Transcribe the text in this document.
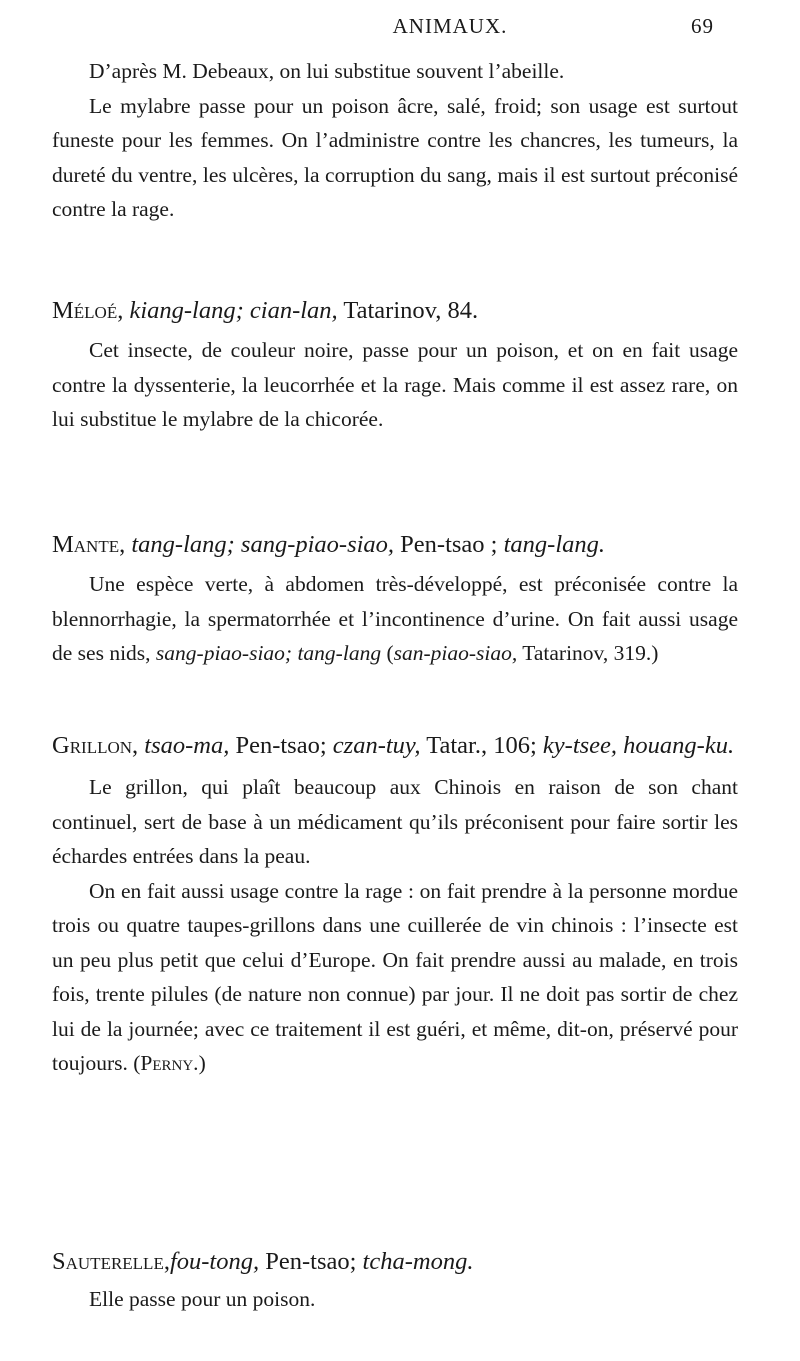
ANIMAUX.	69

D’après M. Debeaux, on lui substitue souvent l’abeille.

Le mylabre passe pour un poison âcre, salé, froid; son usage est surtout funeste pour les femmes. On l’administre contre les chancres, les tumeurs, la dureté du ventre, les ulcères, la corruption du sang, mais il est surtout préconisé contre la rage.

Méloé, kiang-lang; cian-lan, Tatarinov, 84.

Cet insecte, de couleur noire, passe pour un poison, et on en fait usage contre la dyssenterie, la leucorrhée et la rage. Mais comme il est assez rare, on lui substitue le mylabre de la chicorée.

Mante, tang-lang; sang-piao-siao, Pen-tsao ; tang-lang.

Une espèce verte, à abdomen très-développé, est préconisée contre la blennorrhagie, la spermatorrhée et l’incontinence d’urine. On fait aussi usage de ses nids, sang-piao-siao; tang-lang (san-piao-siao, Tatarinov, 319.)

Grillon, tsao-ma, Pen-tsao; czan-tuy, Tatar., 106; ky-tsee, houang-ku.

Le grillon, qui plaît beaucoup aux Chinois en raison de son chant continuel, sert de base à un médicament qu’ils préconisent pour faire sortir les échardes entrées dans la peau.

On en fait aussi usage contre la rage : on fait prendre à la personne mordue trois ou quatre taupes-grillons dans une cuillerée de vin chinois : l’insecte est un peu plus petit que celui d’Europe. On fait prendre aussi au malade, en trois fois, trente pilules (de nature non connue) par jour. Il ne doit pas sortir de chez lui de la journée; avec ce traitement il est guéri, et même, dit-on, préservé pour toujours. (Perny.)

Sauterelle,fou-tong, Pen-tsao; tcha-mong.

Elle passe pour un poison.
